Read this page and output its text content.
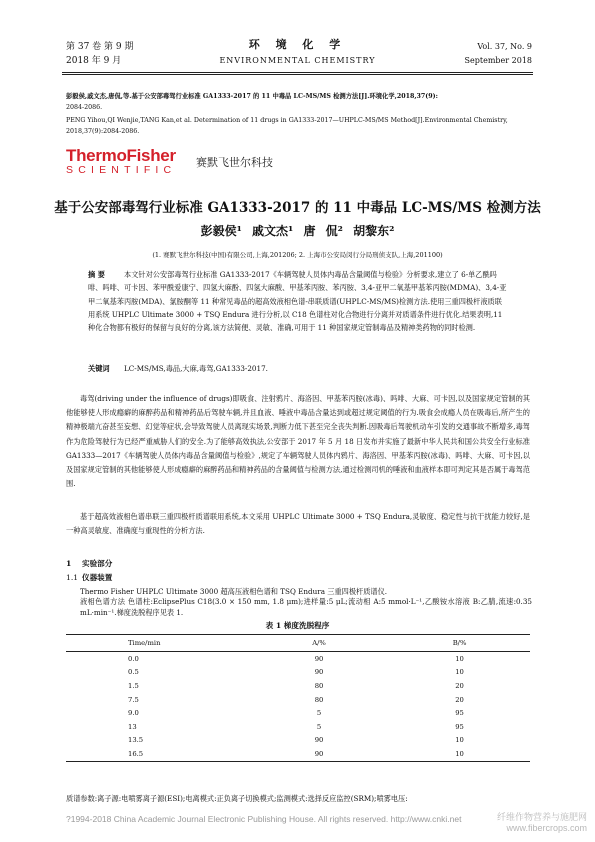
第 37 卷 第 9 期
2018 年 9 月
环 境 化 学
ENVIRONMENTAL CHEMISTRY
Vol. 37, No. 9
September 2018
彭毅侯,戚文杰,唐侃,等.基于公安部毒驾行业标准 GA1333-2017 的 11 中毒品 LC-MS/MS 检测方法[J].环境化学,2018,37(9):
2084-2086.
PENG Yihou,QI Wenjie,TANG Kan,et al. Determination of 11 drugs in GA1333-2017—UHPLC-MS/MS Method[J].Environmental Chemistry,
2018,37(9):2084-2086.
ThermoFisher
SCIENTIFIC
赛默飞世尔科技
基于公安部毒驾行业标准 GA1333-2017 的 11 中毒品 LC-MS/MS 检测方法
彭毅侯¹ 戚文杰¹ 唐 侃² 胡黎东²
(1. 赛默飞世尔科技(中国)有限公司,上海,201206; 2. 上海市公安局闵行分局刑侦支队,上海,201100)
摘 要	本文针对公安部毒驾行业标准 GA1333-2017《车辆驾驶人员体内毒品含量阈值与检验》分析要求,建立了 6-单乙酰吗啡、吗啡、可卡因、苯甲酰爱康宁、四氢大麻酚、四氢大麻酸、甲基苯丙胺、苯丙胺、3,4-亚甲二氧基甲基苯丙胺(MDMA)、3,4-亚甲二氧基苯丙胺(MDA)、氯胺酮等 11 种常见毒品的超高效液相色谱-串联质谱(UHPLC-MS/MS)检测方法.使用三重四极杆液质联用系统 UHPLC Ultimate 3000 + TSQ Endura 进行分析,以 C18 色谱柱对化合物进行分离并对质谱条件进行优化.结果表明,11 种化合物都有极好的保留与良好的分离,该方法简便、灵敏、准确,可用于 11 种国家规定管制毒品及精神类药物的同时检测.
关键词 LC-MS/MS,毒品,大麻,毒驾,GA1333-2017.
毒驾(driving under the influence of drugs)即吸食、注射鸦片、海洛因、甲基苯丙胺(冰毒)、吗啡、大麻、可卡因,以及国家规定管制的其他能够使人形成瘾癖的麻醉药品和精神药品后驾驶车辆,并且血液、唾液中毒品含量达到或超过规定阈值的行为.吸食会成瘾人员在吸毒后,所产生的精神极端亢奋甚至妄想、幻觉等症状,会导致驾驶人员离现实场景,判断力低下甚至完全丧失判断.因吸毒后驾驶机动车引发的交通事故不断增多,毒驾作为危险驾驶行为已经严重威胁人们的安全.为了能够高效执法,公安部于 2017 年 5 月 18 日发布并实施了最新中华人民共和国公共安全行业标准 GA1333—2017《车辆驾驶人员体内毒品含量阈值与检验》,规定了车辆驾驶人员体内鸦片、海洛因、甲基苯丙胺(冰毒)、吗啡、大麻、可卡因,以及国家规定管制的其他能够使人形成瘾癖的麻醉药品和精神药品的含量阈值与检测方法,通过检测司机的唾液和血液样本即可判定其是否属于毒驾范围.
基于超高效液相色谱串联三重四极杆质谱联用系统,本文采用 UHPLC Ultimate 3000 + TSQ Endura,灵敏度、稳定性与抗干扰能力较好,是一种高灵敏度、准确度与重现性的分析方法.
1 实验部分
1.1 仪器装置
Thermo Fisher UHPLC Ultimate 3000 超高压液相色谱和 TSQ Endura 三重四极杆质谱仪.
液相色谱方法 色谱柱:EclipsePlus C18(3.0 × 150 mm, 1.8 μm);进样量:5 μL;流动相 A:5 mmol·L⁻¹,乙酸铵水溶液 B:乙腈,流速:0.35 mL·min⁻¹.梯度洗脱程序见表 1.
表 1 梯度洗脱程序
Time/min	A/%	B/%
0.0	90	10
0.5	90	10
1.5	80	20
7.5	80	20
9.0	5	95
13	5	95
13.5	90	10
16.5	90	10
质谱参数:离子源:电喷雾离子源(ESI);电离模式:正负离子切换模式;监测模式:选择反应监控(SRM);喷雾电压:
?1994-2018 China Academic Journal Electronic Publishing House. All rights reserved. http://www.cnki.net	纤维作物营养与施肥网
www.fibercrops.com
